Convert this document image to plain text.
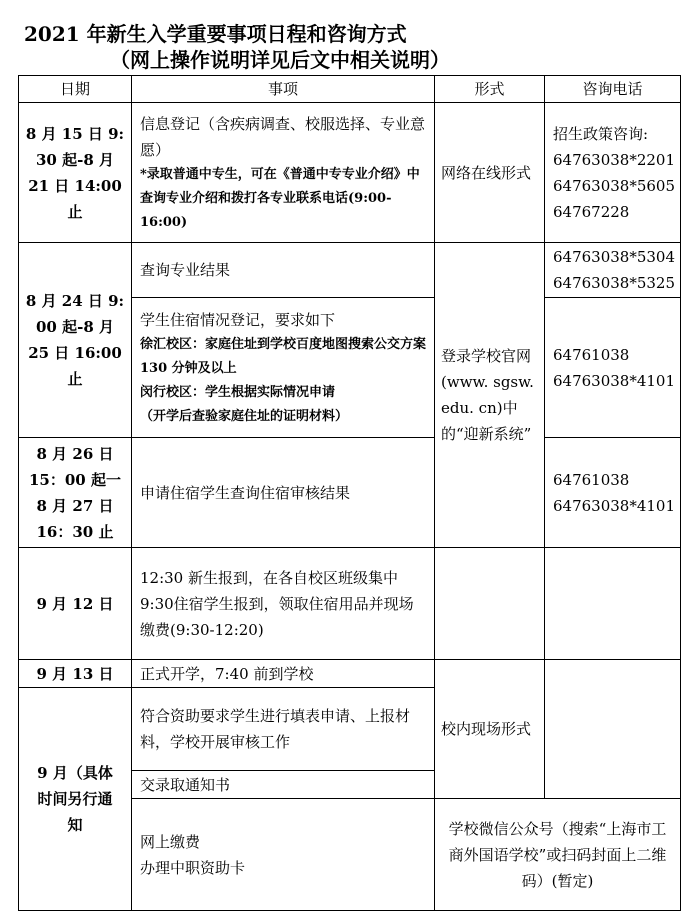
2021 年新生入学重要事项日程和咨询方式
（网上操作说明详见后文中相关说明）
日期	事项	形式	咨询电话

8 月 15 日 9:
30 起-8 月
21 日 14:00
止	信息登记（含疾病调查、校服选择、专业意愿）
*录取普通中专生，可在《普通中专专业介绍》中查询专业介绍和拨打各专业联系电话(9:00-16:00)	网络在线形式	招生政策咨询:
64763038*2201
64763038*5605
64767228

8 月 24 日 9:
00 起-8 月
25 日 16:00
止	查询专业结果	登录学校官网(www. sgsw. edu. cn)中的“迎新系统”	64763038*5304
64763038*5325

	学生住宿情况登记，要求如下
徐汇校区：家庭住址到学校百度地图搜索公交方案 130 分钟及以上
闵行校区：学生根据实际情况申请
（开学后查验家庭住址的证明材料）		64761038
64763038*4101

8 月 26 日
15：00 起一
8 月 27 日
16：30 止	申请住宿学生查询住宿审核结果		64761038
64763038*4101

9 月 12 日	12:30 新生报到，在各自校区班级集中
9:30住宿学生报到，领取住宿用品并现场缴费(9:30-12:20)		

9 月 13 日	正式开学，7:40 前到学校	校内现场形式	

9 月（具体
时间另行通
知	符合资助要求学生进行填表申请、上报材料，学校开展审核工作		
	交录取通知书		

	网上缴费
办理中职资助卡	学校微信公众号（搜索“上海市工商外国语学校”或扫码封面上二维码）(暂定)	
